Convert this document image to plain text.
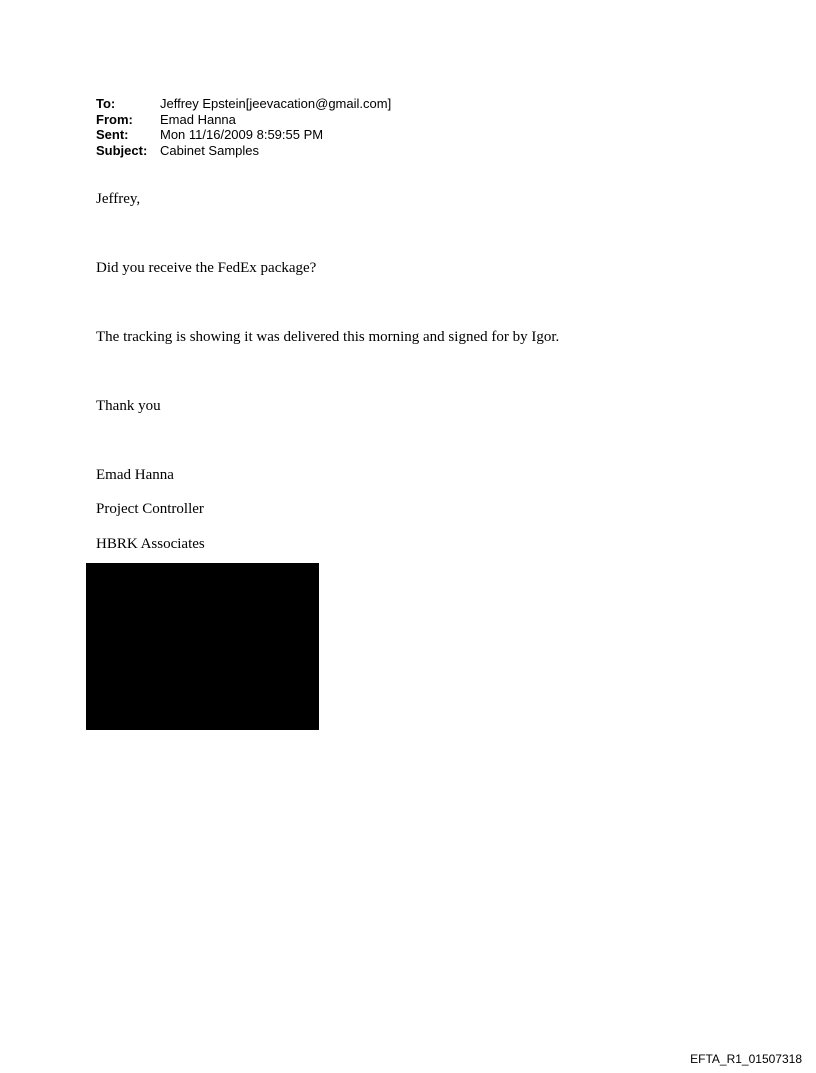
To:	Jeffrey Epstein[jeevacation@gmail.com]
From:	Emad Hanna
Sent:	Mon 11/16/2009 8:59:55 PM
Subject: Cabinet Samples
Jeffrey,
Did you receive the FedEx package?
The tracking is showing it was delivered this morning and signed for by Igor.
Thank you
Emad Hanna
Project Controller
HBRK Associates
EFTA_R1_01507318
